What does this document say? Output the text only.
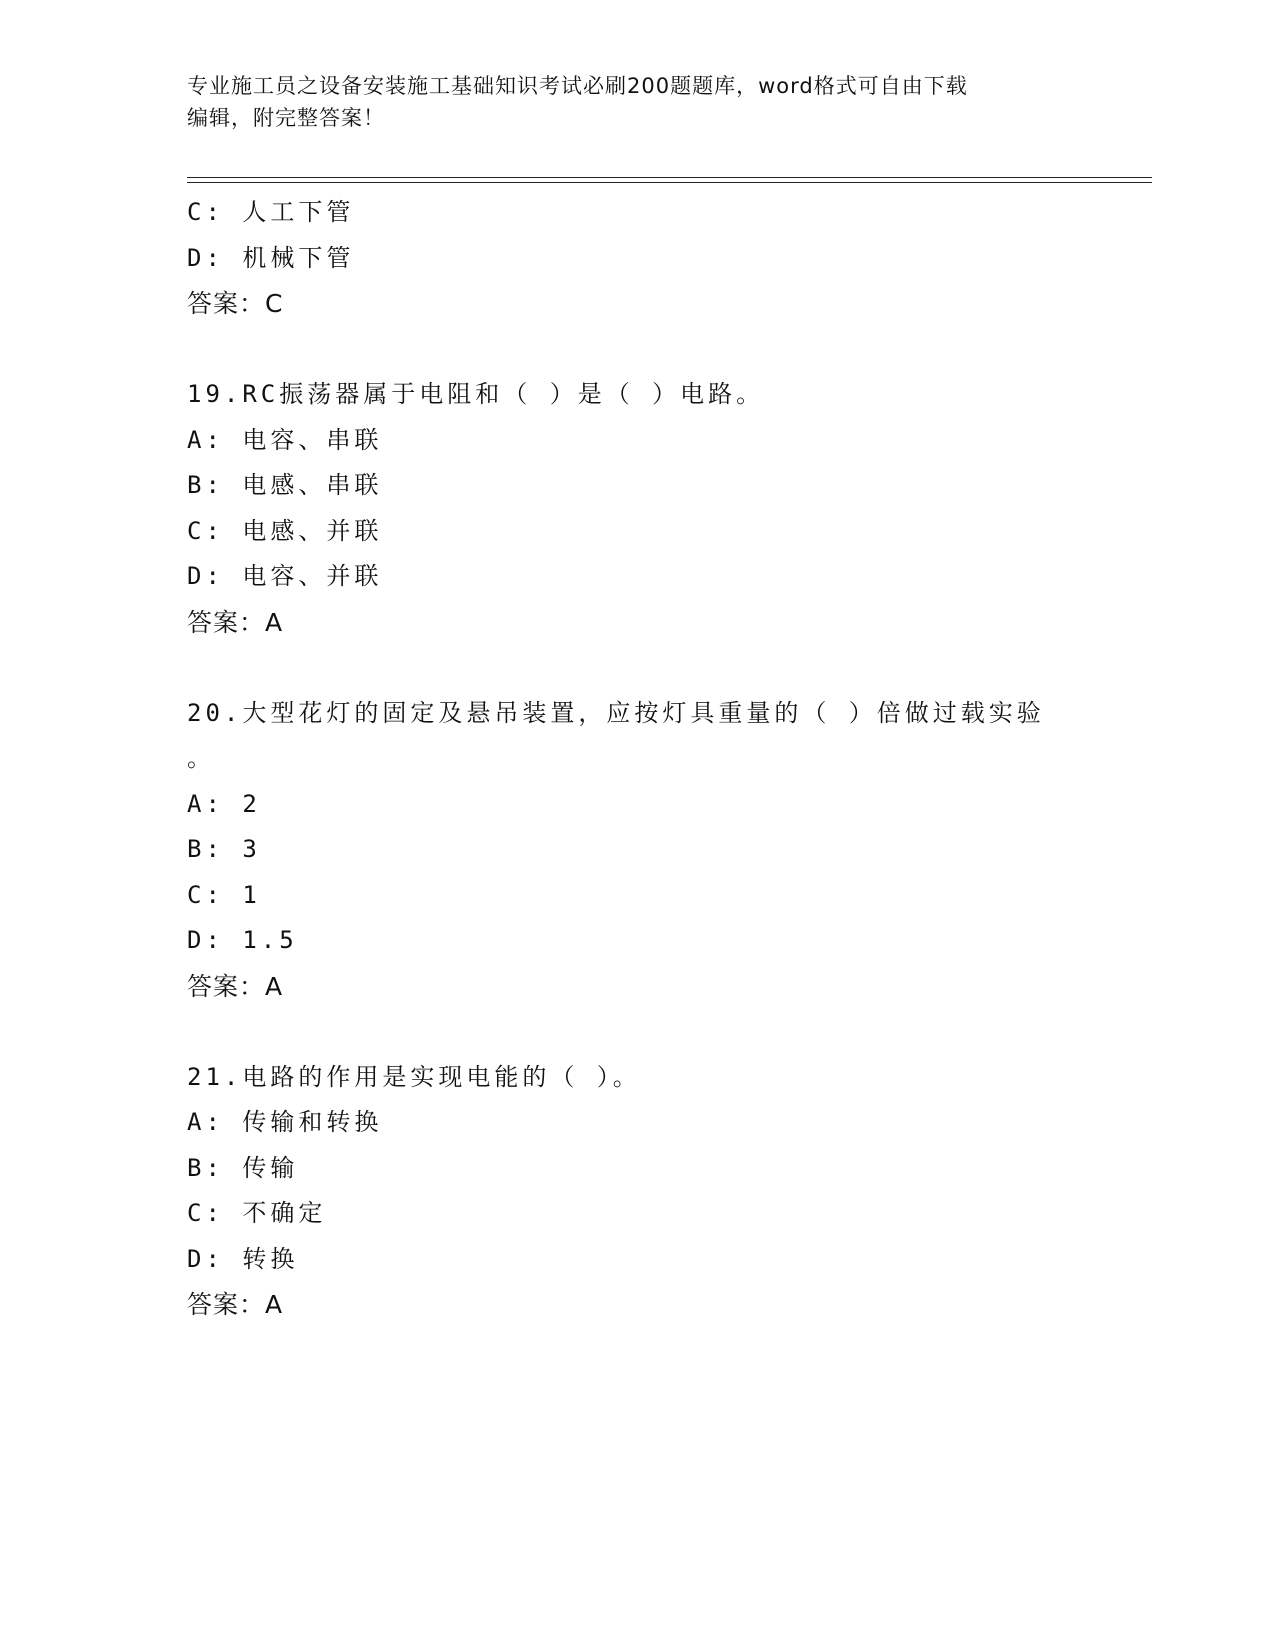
专业施工员之设备安装施工基础知识考试必刷200题题库，word格式可自由下载
编辑，附完整答案！
C: 人工下管
D: 机械下管
答案：C
19.RC振荡器属于电阻和（ ）是（ ）电路。
A: 电容、串联
B: 电感、串联
C: 电感、并联
D: 电容、并联
答案：A
20.大型花灯的固定及悬吊装置，应按灯具重量的（ ）倍做过载实验
。
A: 2
B: 3
C: 1
D: 1.5
答案：A
21.电路的作用是实现电能的（ ）。
A: 传输和转换
B: 传输
C: 不确定
D: 转换
答案：A
